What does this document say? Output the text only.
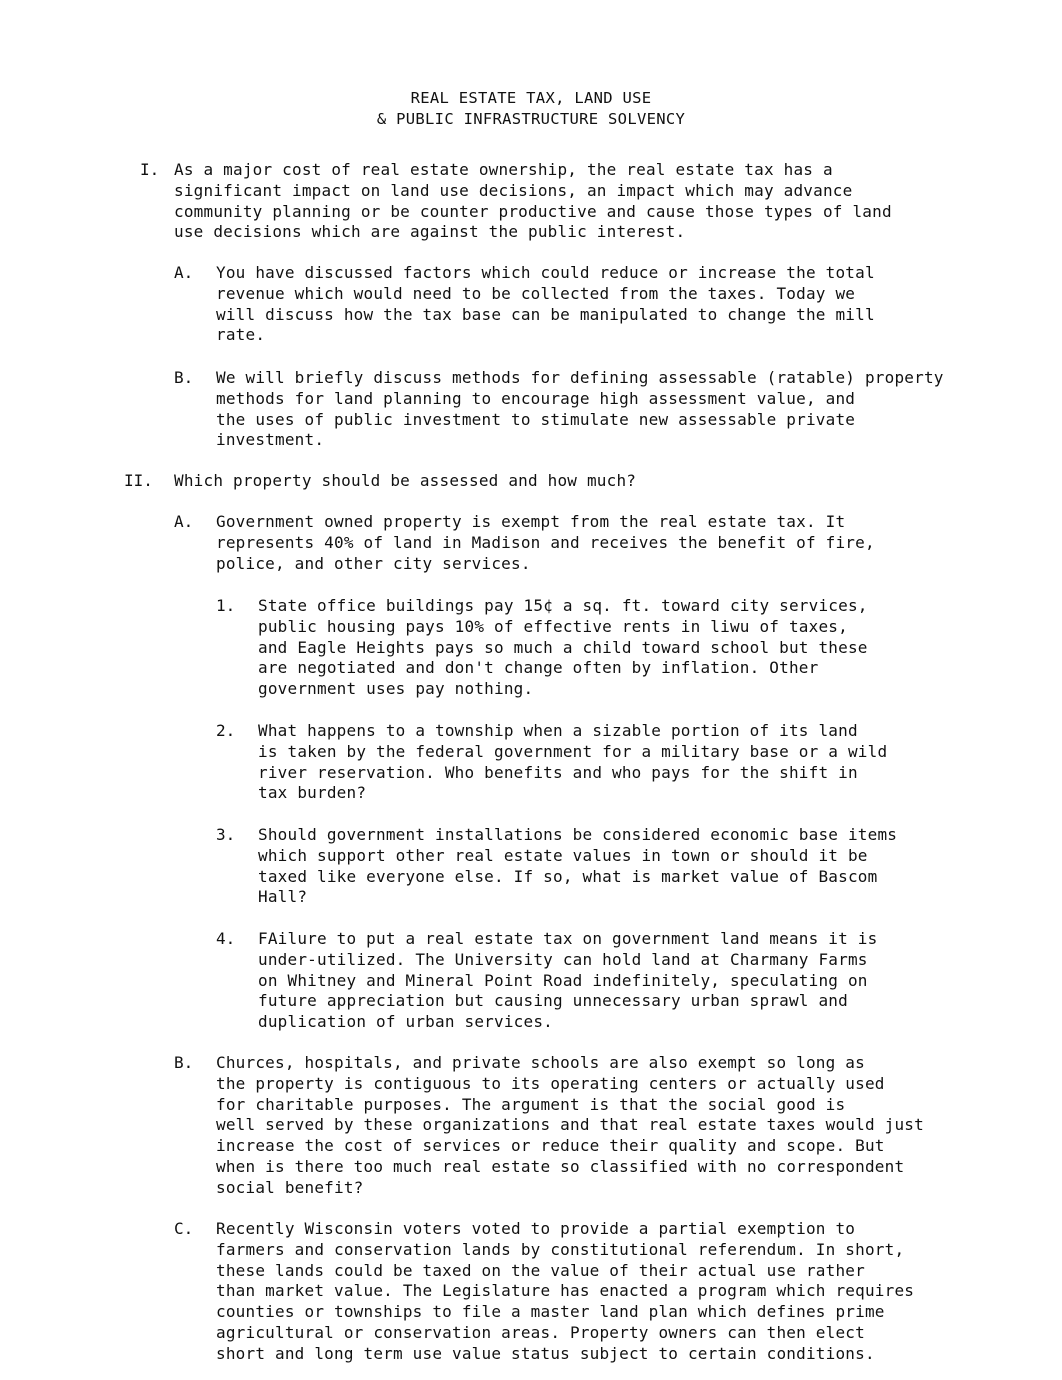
REAL ESTATE TAX, LAND USE
& PUBLIC INFRASTRUCTURE SOLVENCY
I. As a major cost of real estate ownership, the real estate tax has a
significant impact on land use decisions, an impact which may advance
community planning or be counter productive and cause those types of land
use decisions which are against the public interest.
A. You have discussed factors which could reduce or increase the total
revenue which would need to be collected from the taxes. Today we
will discuss how the tax base can be manipulated to change the mill
rate.
B. We will briefly discuss methods for defining assessable (ratable) property
methods for land planning to encourage high assessment value, and
the uses of public investment to stimulate new assessable private
investment.
II. Which property should be assessed and how much?
A. Government owned property is exempt from the real estate tax. It
represents 40% of land in Madison and receives the benefit of fire,
police, and other city services.
1. State office buildings pay 15¢ a sq. ft. toward city services,
public housing pays 10% of effective rents in liwu of taxes,
and Eagle Heights pays so much a child toward school but these
are negotiated and don't change often by inflation. Other
government uses pay nothing.
2. What happens to a township when a sizable portion of its land
is taken by the federal government for a military base or a wild
river reservation. Who benefits and who pays for the shift in
tax burden?
3. Should government installations be considered economic base items
which support other real estate values in town or should it be
taxed like everyone else. If so, what is market value of Bascom
Hall?
4. FAilure to put a real estate tax on government land means it is
under-utilized. The University can hold land at Charmany Farms
on Whitney and Mineral Point Road indefinitely, speculating on
future appreciation but causing unnecessary urban sprawl and
duplication of urban services.
B. Churces, hospitals, and private schools are also exempt so long as
the property is contiguous to its operating centers or actually used
for charitable purposes. The argument is that the social good is
well served by these organizations and that real estate taxes would just
increase the cost of services or reduce their quality and scope. But
when is there too much real estate so classified with no correspondent
social benefit?
C. Recently Wisconsin voters voted to provide a partial exemption to
farmers and conservation lands by constitutional referendum. In short,
these lands could be taxed on the value of their actual use rather
than market value. The Legislature has enacted a program which requires
counties or townships to file a master land plan which defines prime
agricultural or conservation areas. Property owners can then elect
short and long term use value status subject to certain conditions.
